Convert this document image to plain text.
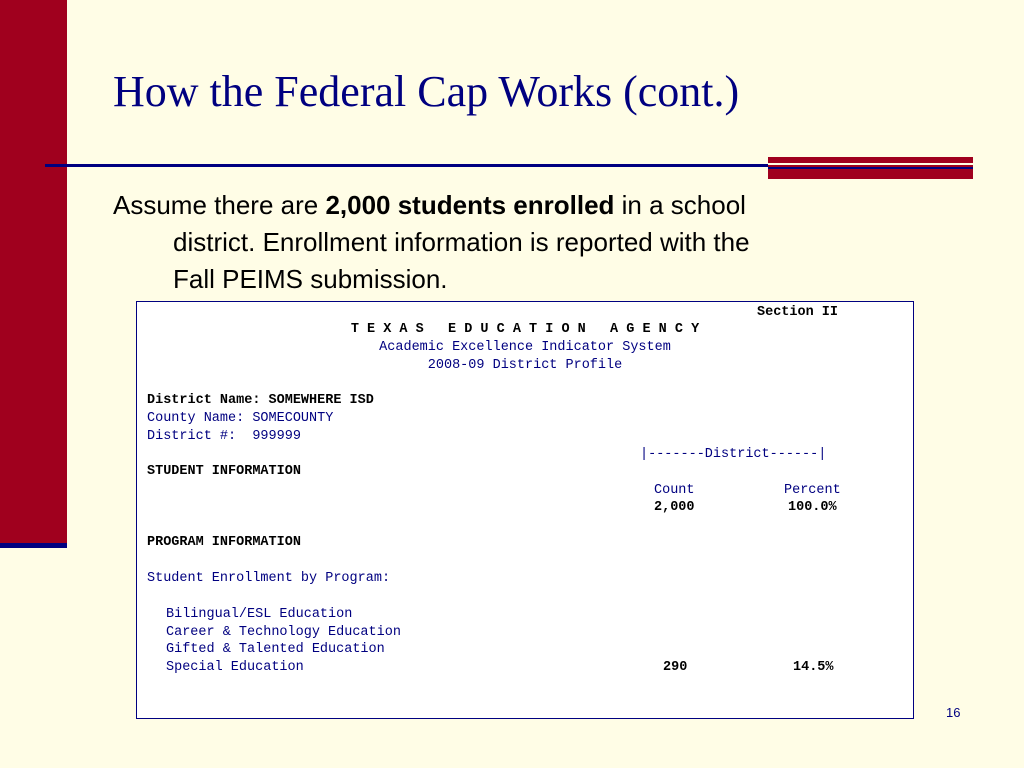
How the Federal Cap Works (cont.)
Assume there are 2,000 students enrolled in a school
district. Enrollment information is reported with the
Fall PEIMS submission.
Section II
T E X A S   E D U C A T I O N   A G E N C Y
Academic Excellence Indicator System
2008-09 District Profile
District Name: SOMEWHERE ISD
County Name: SOMECOUNTY
District #:  999999
|-------District------|
STUDENT INFORMATION
Count	Percent
2,000	100.0%
PROGRAM INFORMATION
Student Enrollment by Program:
Bilingual/ESL Education
Career & Technology Education
Gifted & Talented Education
Special Education	290	14.5%
16
